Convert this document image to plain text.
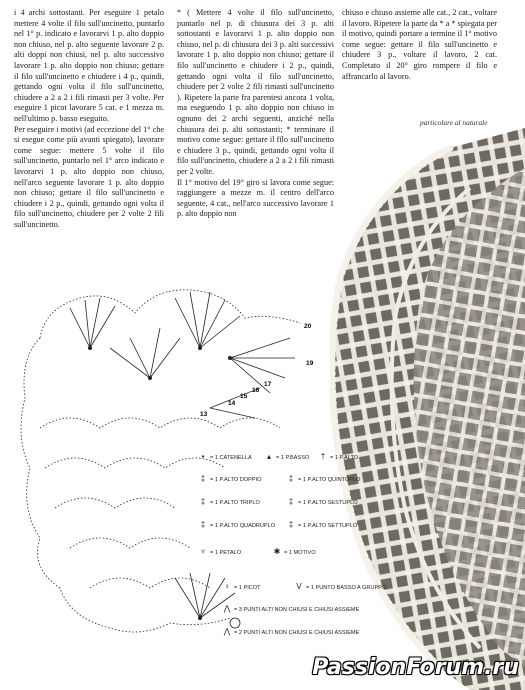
i 4 archi sottostanti. Per eseguire 1 petalo mettere 4 volte il filo sull'uncinetto, puntarlo nel 1° p. indicato e lavorarvi 1 p. alto doppio non chiuso, nel p. alto seguente lavorare 2 p. alti doppi non chiusi, nel p. alto successivo lavorare 1 p. alto doppio non chiuso; gettare il filo sull'uncinetto e chiudere i 4 p., quindi, gettando ogni volta il filo sull'uncinetto, chiudere a 2 a 2 i fili rimasti per 3 volte. Per eseguire 1 picot lavorare 5 cat. e 1 mezza m. nell'ultimo p. basso eseguito.

Per eseguire i motivi (ad eccezione del 1° che si esegue come più avanti spiegato), lavorare come segue: mettere 5 volte il filo sull'uncinetto, puntarlo nel 1° arco indicato e lavorarvi 1 p. alto doppio non chiuso, nell'arco seguente lavorare 1 p. alto doppio non chiuso; gettare il filo sull'uncinetto e chiudere i 2 p., quindi, gettando ogni volta il filo sull'uncinetto, chiudere per 2 volte 2 fili sull'uncinetto.

* ( Mettere 4 volte il filo sull'uncinetto, puntarlo nel p. di chiusura dei 3 p. alti sottostanti e lavorarvi 1 p. alto doppio non chiuso, nel p. di chiusura dei 3 p. alti successivi lavorare 1 p. alto doppio non chiuso; gettare il filo sull'uncinetto e chiudere i 2 p., quindi, gettando ogni volta il filo sull'uncinetto, chiudere per 2 volte 2 fili rimasti sull'uncinetto ). Ripetere la parte fra parentesi ancora 1 volta, ma eseguendo 1 p. alto doppio non chiuso in ognuno dei 2 archi seguenti, anziché nella chiusura dei p. alti sottostanti; * terminare il motivo come segue: gettare il filo sull'uncinetto e chiudere 3 p., quindi, gettando ogni volta il filo sull'uncinetto, chiudere a 2 a 2 i fili rimasti per 2 volte.

Il 1° motivo del 19° giro si lavora come segue: raggiungere a mezze m. il centro dell'arco seguente, 4 cat., nell'arco successivo lavorare 1 p. alto doppio non

chiuso e chiuso assieme alle cat., 2 cat., voltare il lavoro. Ripetere la parte da * a * spiegata per il motivo, quindi portare a termine il 1° motivo come segue: gettare il filo sull'uncinetto e chiudere 3 p., voltare il lavoro, 2 cat. Completato il 20° giro rompere il filo e affrancarlo al lavoro.

particolare al naturale
20
19
17
16
15
14
13
• = 1 CATENELLA	▴ = 1 P.BASSO	† = 1 P.ALTO
‡ = 1 P.ALTO DOPPIO	‡ = 1 P.ALTO QUINTUPLO
‡ = 1 P.ALTO TRIPLO	‡ = 1 P.ALTO SESTUPLO
‡ = 1 P.ALTO QUADRUPLO	‡ = 1 P.ALTO SETTUPLO
♆ = 1 PETALO	✱ = 1 MOTIVO
♀ = 1 PICOT	V = 1 PUNTO BASSO A GRUPPO
⋀ = 3 PUNTI ALTI NON CHIUSI E CHIUSI ASSIEME
⋀ = 2 PUNTI ALTI NON CHIUSI E CHIUSI ASSIEME
PassionForum.ru
